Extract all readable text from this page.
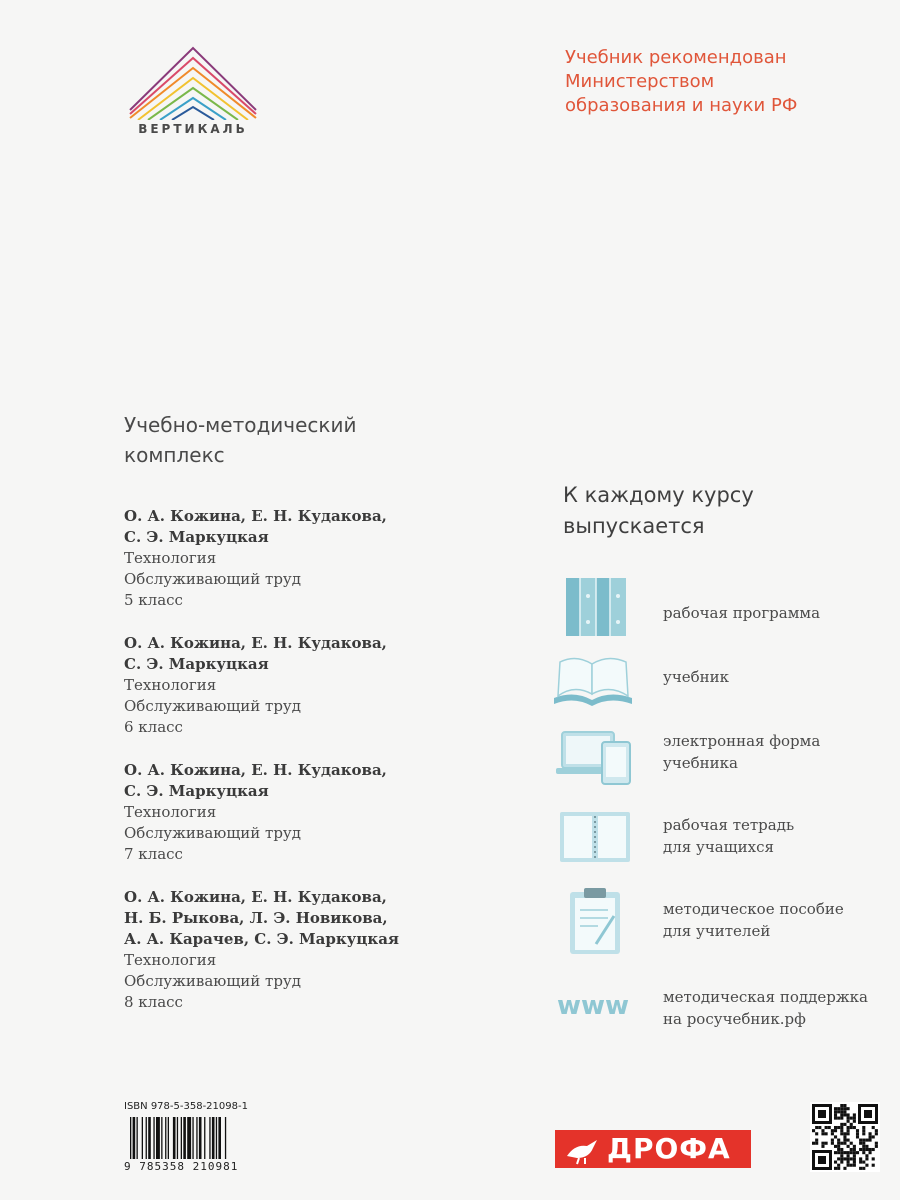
ВЕРТИКАЛЬ
Учебник рекомендован
Министерством
образования и науки РФ
Учебно-методический
комплекс
О. А. Кожина, Е. Н. Кудакова,
С. Э. Маркуцкая
Технология
Обслуживающий труд
5 класс
О. А. Кожина, Е. Н. Кудакова,
С. Э. Маркуцкая
Технология
Обслуживающий труд
6 класс
О. А. Кожина, Е. Н. Кудакова,
С. Э. Маркуцкая
Технология
Обслуживающий труд
7 класс
О. А. Кожина, Е. Н. Кудакова,
Н. Б. Рыкова, Л. Э. Новикова,
А. А. Карачев, С. Э. Маркуцкая
Технология
Обслуживающий труд
8 класс
К каждому курсу
выпускается
рабочая программа
учебник
электронная форма
учебника
рабочая тетрадь
для учащихся
методическое пособие
для учителей
www методическая поддержка
на росучебник.рф
ISBN 978-5-358-21098-1
9 785358 210981
ДРОФА
